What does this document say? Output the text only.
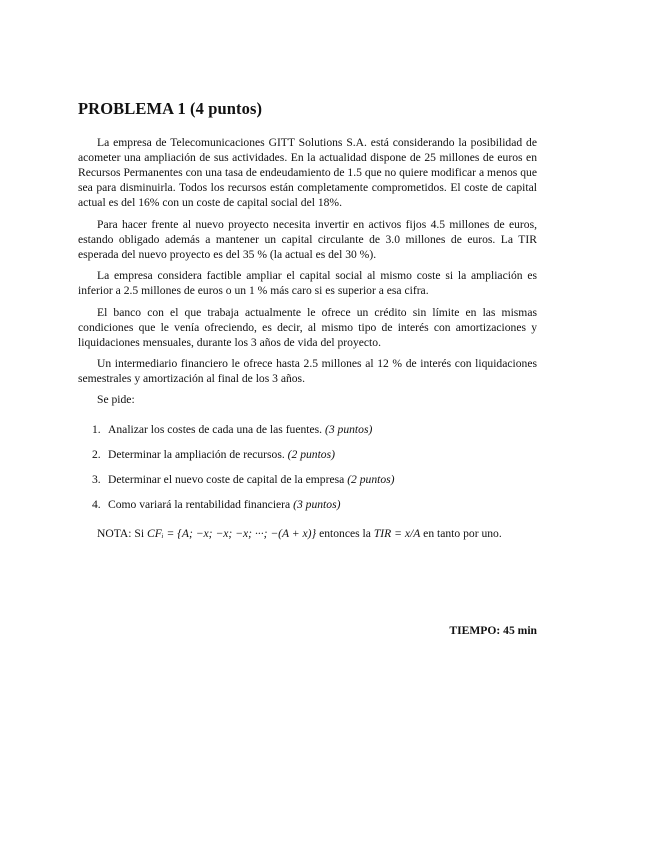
PROBLEMA 1 (4 puntos)

La empresa de Telecomunicaciones GITT Solutions S.A. está considerando la posibilidad de acometer una ampliación de sus actividades. En la actualidad dispone de 25 millones de euros en Recursos Permanentes con una tasa de endeudamiento de 1.5 que no quiere modificar a menos que sea para disminuirla. Todos los recursos están completamente comprometidos. El coste de capital actual es del 16% con un coste de capital social del 18%.

Para hacer frente al nuevo proyecto necesita invertir en activos fijos 4.5 millones de euros, estando obligado además a mantener un capital circulante de 3.0 millones de euros. La TIR esperada del nuevo proyecto es del 35 % (la actual es del 30 %).

La empresa considera factible ampliar el capital social al mismo coste si la ampliación es inferior a 2.5 millones de euros o un 1 % más caro si es superior a esa cifra.

El banco con el que trabaja actualmente le ofrece un crédito sin límite en las mismas condiciones que le venía ofreciendo, es decir, al mismo tipo de interés con amortizaciones y liquidaciones mensuales, durante los 3 años de vida del proyecto.

Un intermediario financiero le ofrece hasta 2.5 millones al 12 % de interés con liquidaciones semestrales y amortización al final de los 3 años.

Se pide:

1. Analizar los costes de cada una de las fuentes. (3 puntos)
2. Determinar la ampliación de recursos. (2 puntos)
3. Determinar el nuevo coste de capital de la empresa (2 puntos)
4. Como variará la rentabilidad financiera (3 puntos)
NOTA: Si CFᵢ = {A; −x; −x; −x; ···; −(A + x)} entonces la TIR = x/A en tanto por uno.
TIEMPO: 45 min
